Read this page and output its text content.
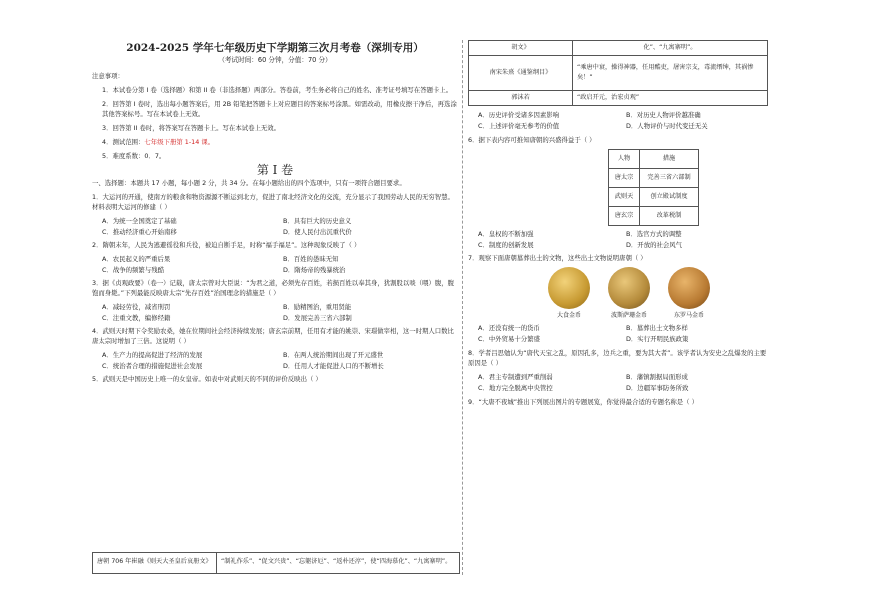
2024-2025 学年七年级历史下学期第三次月考卷（深圳专用）
（考试时间：60 分钟，分值：70 分）
注意事项：
1．本试卷分第 I 卷（选择题）和第 II 卷（非选择题）两部分。答卷前，考生务必将自己的姓名、准考证号填写在答题卡上。
2．回答第 I 卷时，选出每小题答案后，用 2B 铅笔把答题卡上对应题目的答案标号涂黑。如需改动，用橡皮擦干净后，再选涂其他答案标号。写在本试卷上无效。
3．回答第 II 卷时，将答案写在答题卡上。写在本试卷上无效。
4．测试范围：七年级下册第 1-14 课。
5．难度系数：0．7。
第 I 卷
一、选择题：本题共 17 小题，每小题 2 分，共 34 分。在每小题给出的四个选项中，只有一项符合题目要求。
1．大运河的开通，使南方的粮食和物资源源不断运到北方，促进了南北经济文化的交流，充分显示了我国劳动人民的无穷智慧。材料表明大运河的修建（ ）
A．为统一全国奠定了基础	B．具有巨大的历史意义
C．推动经济重心开始南移	D．使人民付出沉重代价
2．隋朝末年，人民为逃避徭役和兵役，被迫自断手足，时称“福手福足”。这种现象反映了（ ）
A．农民起义的严重后果	B．百姓的愚昧无知
C．战争的频繁与残酷	D．隋炀帝的残暴统治
3．据《贞观政要》（卷一）记载，唐太宗曾对大臣说：“为君之道，必须先存百姓，若损百姓以奉其身，犹割股以啖（喂）腹，腹饱而身毙。”下列最能反映唐太宗“先存百姓”治国理念的措施是（ ）
A．减轻劳役，减省刑罚	B．励精图治，重用贤能
C．注重文教，编修经籍	D．发展完善三省六部制
4．武则天时期下令奖励农桑，她在位期间社会经济持续发展；唐玄宗前期，任用有才能的姚崇、宋璟做宰相，这一时期人口数比唐太宗时增加了三倍。这说明（ ）
A．生产力的提高促进了经济的发展	B．在两人统治期间出现了开元盛世
C．统治者合理的措施促进社会发展	D．任用人才能促进人口的不断增长
5．武则天是中国历史上唯一的女皇帝。如表中对武则天的不同的评价反映出（ ）
唐朝 706 年崔融《则天大圣皇后哀册文》	“制礼作乐”、“促文兴贵”、“忘躯济厄”、“返朴还淳”，使“四海慕化”、“九寓寨明”。
胡文》	化”、“九寓寨明”。
南宋朱熹《通鉴纲目》	“乘唐中衰，操得神器，任用酷吏，屠害宗支，毒流缙绅，其祸惨矣！”
郭沫若	“政启开元，治宏贞观”
A．历史评价受诸多因素影响	B．对历史人物评价越准确
C．上述评价毫无参考的价值	D．人物评价与时代变迁无关
6．据下表内容可推知唐朝的兴盛得益于（ ）
人物	措施
唐太宗	完善三省六部制
武则天	创立殿试制度
唐玄宗	改革税制
A．皇权的不断加强	B．选官方式的调整
C．制度的创新发展	D．开放的社会风气
7．观察下面唐朝墓葬出土的文物，这些出土文物说明唐朝（ ）
大食金币	波斯萨珊金币	东罗马金币
A．还没有统一的货币	B．墓葬出土文物多样
C．中外贸易十分繁盛	D．实行开明民族政策
8．学者吕思勉认为“唐代天宝之乱，原因孔多，边兵之重，要为其大者”。该学者认为安史之乱爆发的主要原因是（ ）
A．君主专制遭到严重削弱	B．藩镇割据局面形成
C．地方完全脱离中央管控	D．边疆军事防务所致
9．“大唐不夜城”推出下列展出图片的专题展览，你觉得最合适的专题名称是（ ）
